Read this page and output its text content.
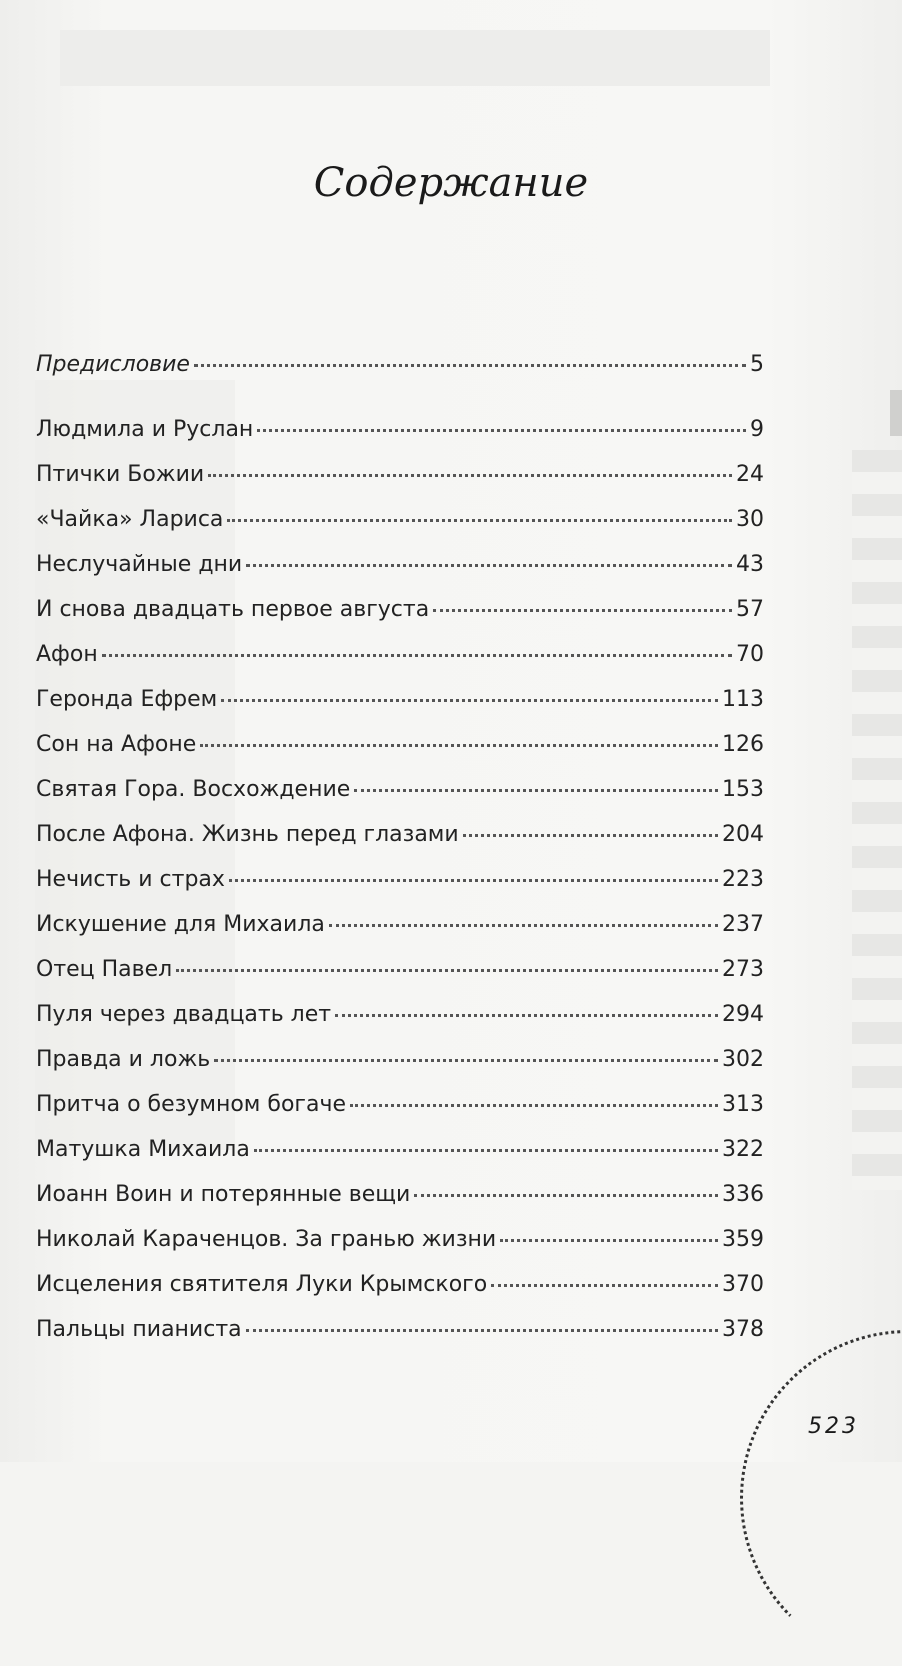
Содержание
Предисловие	5
Людмила и Руслан	9
Птички Божии	24
«Чайка» Лариса	30
Неслучайные дни	43
И снова двадцать первое августа	57
Афон	70
Геронда Ефрем	113
Сон на Афоне	126
Святая Гора. Восхождение	153
После Афона. Жизнь перед глазами	204
Нечисть и страх	223
Искушение для Михаила	237
Отец Павел	273
Пуля через двадцать лет	294
Правда и ложь	302
Притча о безумном богаче	313
Матушка Михаила	322
Иоанн Воин и потерянные вещи	336
Николай Караченцов. За гранью жизни	359
Исцеления святителя Луки Крымского	370
Пальцы пианиста	378
523
